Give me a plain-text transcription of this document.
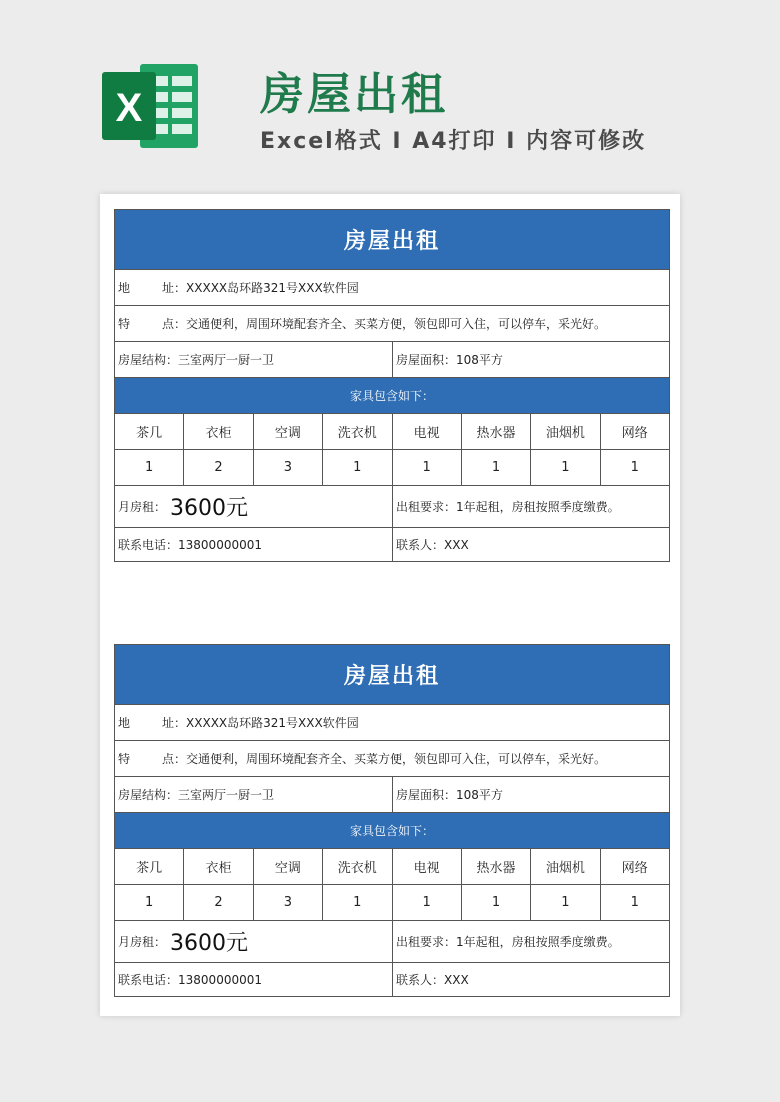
X	房屋出租
Excel格式 I A4打印 I 内容可修改
房屋出租
地	址： XXXXX岛环路321号XXX软件园
特	点： 交通便利，周围环境配套齐全、买菜方便，领包即可入住，可以停车，采光好。
房屋结构： 三室两厅一厨一卫	房屋面积： 108平方
家具包含如下：
茶几	衣柜	空调	洗衣机	电视	热水器	油烟机	网络
1	2	3	1	1	1	1	1
月房租： 3600元	出租要求： 1年起租，房租按照季度缴费。
联系电话： 13800000001	联系人： XXX
房屋出租
地	址： XXXXX岛环路321号XXX软件园
特	点： 交通便利，周围环境配套齐全、买菜方便，领包即可入住，可以停车，采光好。
房屋结构： 三室两厅一厨一卫	房屋面积： 108平方
家具包含如下：
茶几	衣柜	空调	洗衣机	电视	热水器	油烟机	网络
1	2	3	1	1	1	1	1
月房租： 3600元	出租要求： 1年起租，房租按照季度缴费。
联系电话： 13800000001	联系人： XXX
